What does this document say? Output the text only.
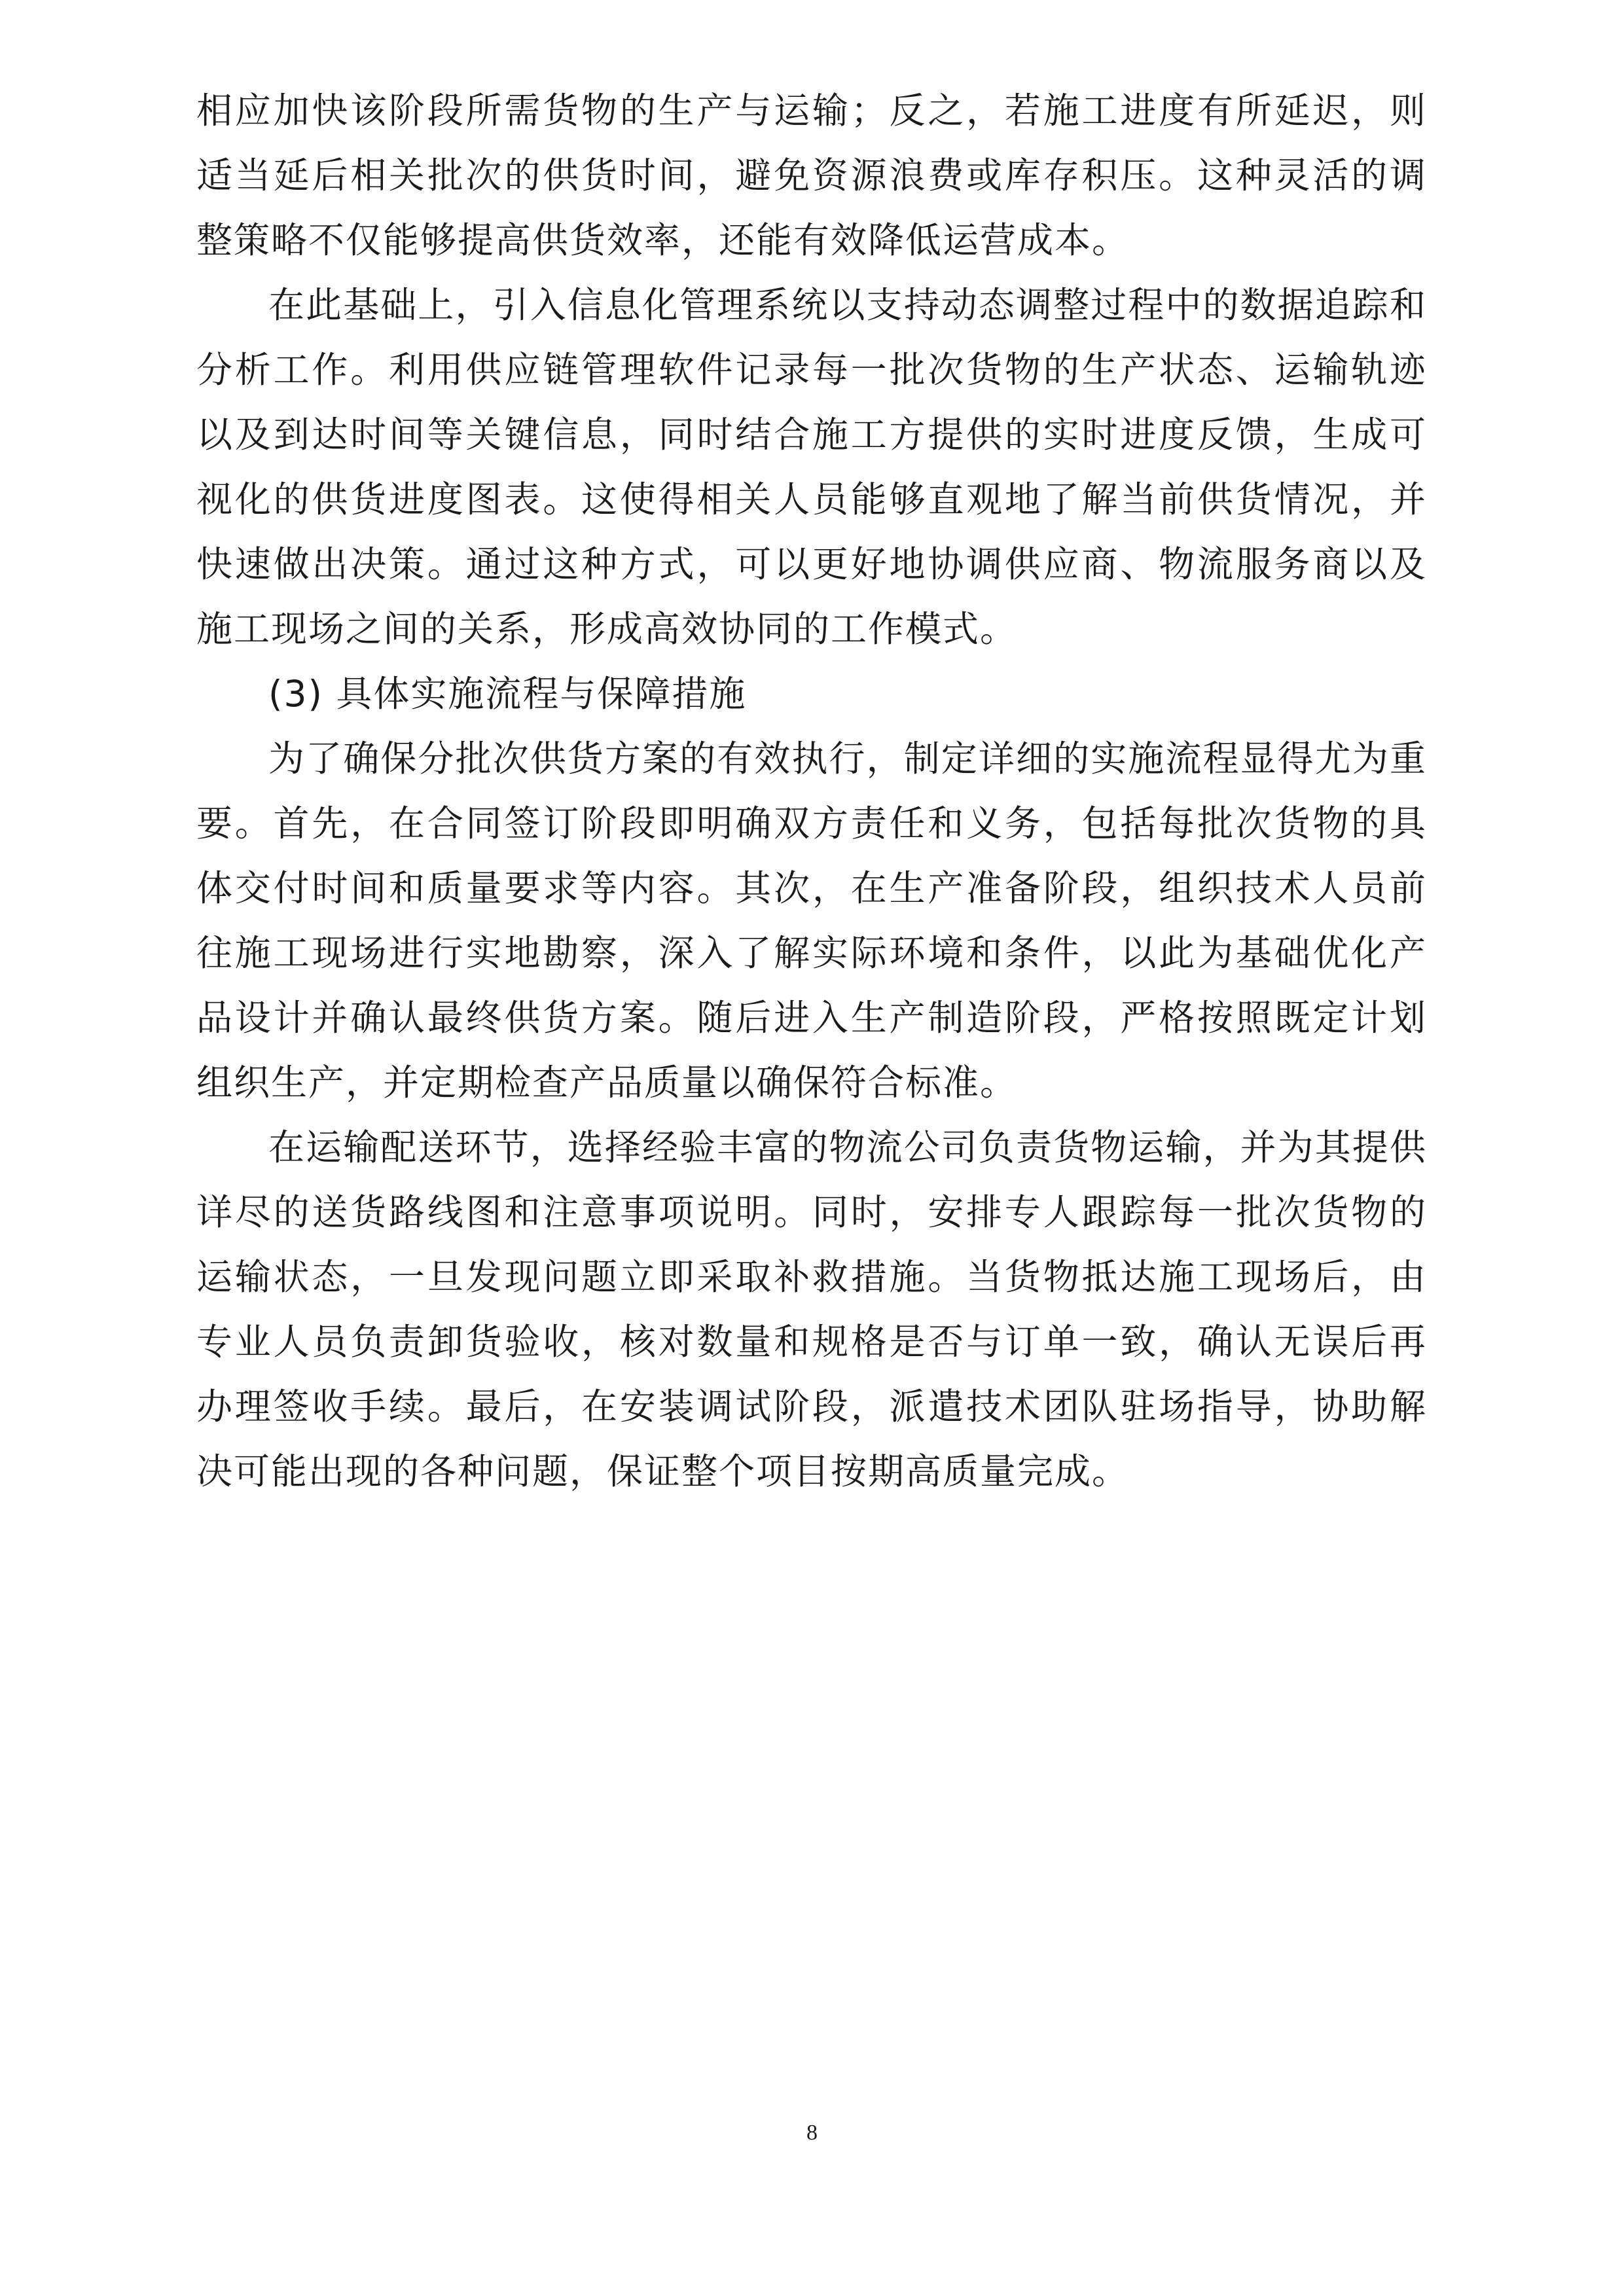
相应加快该阶段所需货物的生产与运输；反之，若施工进度有所延迟，则适当延后相关批次的供货时间，避免资源浪费或库存积压。这种灵活的调整策略不仅能够提高供货效率，还能有效降低运营成本。

在此基础上，引入信息化管理系统以支持动态调整过程中的数据追踪和分析工作。利用供应链管理软件记录每一批次货物的生产状态、运输轨迹以及到达时间等关键信息，同时结合施工方提供的实时进度反馈，生成可视化的供货进度图表。这使得相关人员能够直观地了解当前供货情况，并快速做出决策。通过这种方式，可以更好地协调供应商、物流服务商以及施工现场之间的关系，形成高效协同的工作模式。

(3) 具体实施流程与保障措施

为了确保分批次供货方案的有效执行，制定详细的实施流程显得尤为重要。首先，在合同签订阶段即明确双方责任和义务，包括每批次货物的具体交付时间和质量要求等内容。其次，在生产准备阶段，组织技术人员前往施工现场进行实地勘察，深入了解实际环境和条件，以此为基础优化产品设计并确认最终供货方案。随后进入生产制造阶段，严格按照既定计划组织生产，并定期检查产品质量以确保符合标准。

在运输配送环节，选择经验丰富的物流公司负责货物运输，并为其提供详尽的送货路线图和注意事项说明。同时，安排专人跟踪每一批次货物的运输状态，一旦发现问题立即采取补救措施。当货物抵达施工现场后，由专业人员负责卸货验收，核对数量和规格是否与订单一致，确认无误后再办理签收手续。最后，在安装调试阶段，派遣技术团队驻场指导，协助解决可能出现的各种问题，保证整个项目按期高质量完成。

8
